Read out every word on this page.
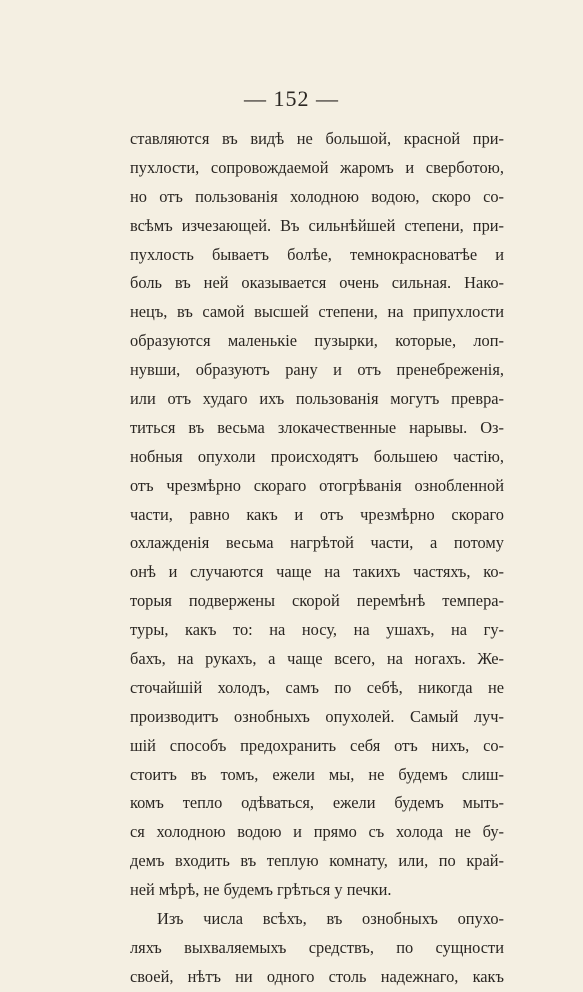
— 152 —
ставляются въ видѣ не большой, красной при-
пухлости, сопровождаемой жаромъ и сверботою,
но отъ пользованія холодною водою, скоро со-
всѣмъ изчезающей. Въ сильнѣйшей степени, при-
пухлость бываетъ болѣе, темнокрасноватѣе и
боль въ ней оказывается очень сильная. Нако-
нецъ, въ самой высшей степени, на припухлости
образуются маленькіе пузырки, которые, лоп-
нувши, образуютъ рану и отъ пренебреженія,
или отъ худаго ихъ пользованія могутъ превра-
титься въ весьма злокачественные нарывы. Оз-
нобныя опухоли происходятъ большею частію,
отъ чрезмѣрно скораго отогрѣванія ознобленной
части, равно какъ и отъ чрезмѣрно скораго
охлажденія весьма нагрѣтой части, а потому
онѣ и случаются чаще на такихъ частяхъ, ко-
торыя подвержены скорой перемѣнѣ темпера-
туры, какъ то: на носу, на ушахъ, на гу-
бахъ, на рукахъ, а чаще всего, на ногахъ. Же-
сточайшій холодъ, самъ по себѣ, никогда не
производитъ ознобныхъ опухолей. Самый луч-
шій способъ предохранить себя отъ нихъ, со-
стоитъ въ томъ, ежели мы, не будемъ слиш-
комъ тепло одѣваться, ежели будемъ мыть-
ся холодною водою и прямо съ холода не бу-
демъ входить въ теплую комнату, или, по край-
ней мѣрѣ, не будемъ грѣться у печки.
Изъ числа всѣхъ, въ ознобныхъ опухо-
ляхъ выхваляемыхъ средствъ, по сущности
своей, нѣтъ ни одного столь надежнаго, какъ
